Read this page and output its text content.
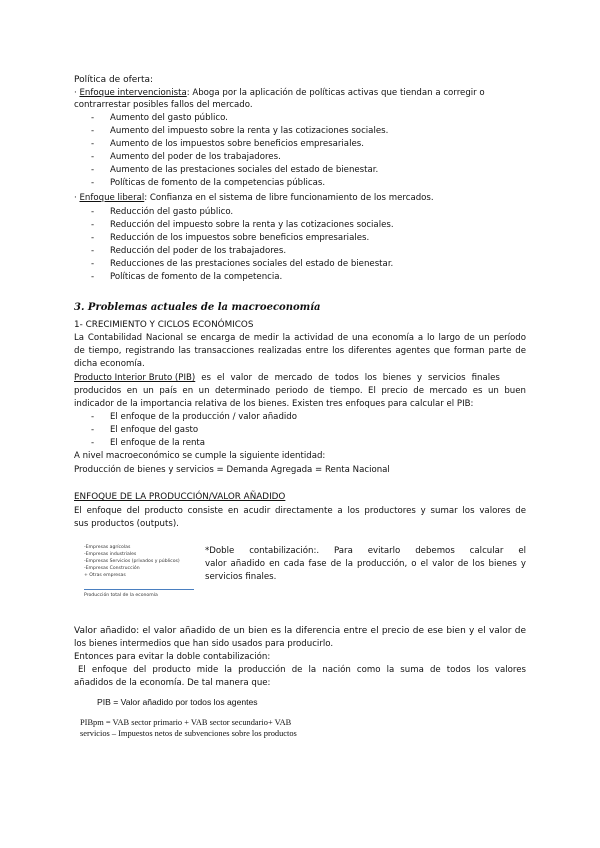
Política de oferta:
· Enfoque intervencionista: Aboga por la aplicación de políticas activas que tiendan a corregir o
contrarrestar posibles fallos del mercado.
- Aumento del gasto público.
- Aumento del impuesto sobre la renta y las cotizaciones sociales.
- Aumento de los impuestos sobre beneficios empresariales.
- Aumento del poder de los trabajadores.
- Aumento de las prestaciones sociales del estado de bienestar.
- Políticas de fomento de la competencias públicas.
· Enfoque liberal: Confianza en el sistema de libre funcionamiento de los mercados.
- Reducción del gasto público.
- Reducción del impuesto sobre la renta y las cotizaciones sociales.
- Reducción de los impuestos sobre beneficios empresariales.
- Reducción del poder de los trabajadores.
- Reducciones de las prestaciones sociales del estado de bienestar.
- Políticas de fomento de la competencia.
3. Problemas actuales de la macroeconomía
1- CRECIMIENTO Y CICLOS ECONÓMICOS
La Contabilidad Nacional se encarga de medir la actividad de una economía a lo largo de un período
de tiempo, registrando las transacciones realizadas entre los diferentes agentes que forman parte de
dicha economía.
Producto Interior Bruto (PIB) es el valor de mercado de todos los bienes y servicios finales
producidos en un país en un determinado periodo de tiempo. El precio de mercado es un buen
indicador de la importancia relativa de los bienes. Existen tres enfoques para calcular el PIB:
- El enfoque de la producción / valor añadido
- El enfoque del gasto
- El enfoque de la renta
A nivel macroeconómico se cumple la siguiente identidad:
Producción de bienes y servicios = Demanda Agregada = Renta Nacional
ENFOQUE DE LA PRODUCCIÓN/VALOR AÑADIDO
El enfoque del producto consiste en acudir directamente a los productores y sumar los valores de
sus productos (outputs).
-Empresas agrícolas
-Empresas industriales
-Empresas Servicios (privados y públicos)
-Empresas Construcción
+ Otras empresas
Producción total de la economía
*Doble contabilización:. Para evitarlo debemos calcular el
valor añadido en cada fase de la producción, o el valor de los bienes y
servicios finales.
Valor añadido: el valor añadido de un bien es la diferencia entre el precio de ese bien y el valor de
los bienes intermedios que han sido usados para producirlo.
Entonces para evitar la doble contabilización:
El enfoque del producto mide la producción de la nación como la suma de todos los valores
añadidos de la economía. De tal manera que:
PIB = Valor añadido por todos los agentes
PIBpm = VAB sector primario + VAB sector secundario+ VAB
servicios – Impuestos netos de subvenciones sobre los productos
